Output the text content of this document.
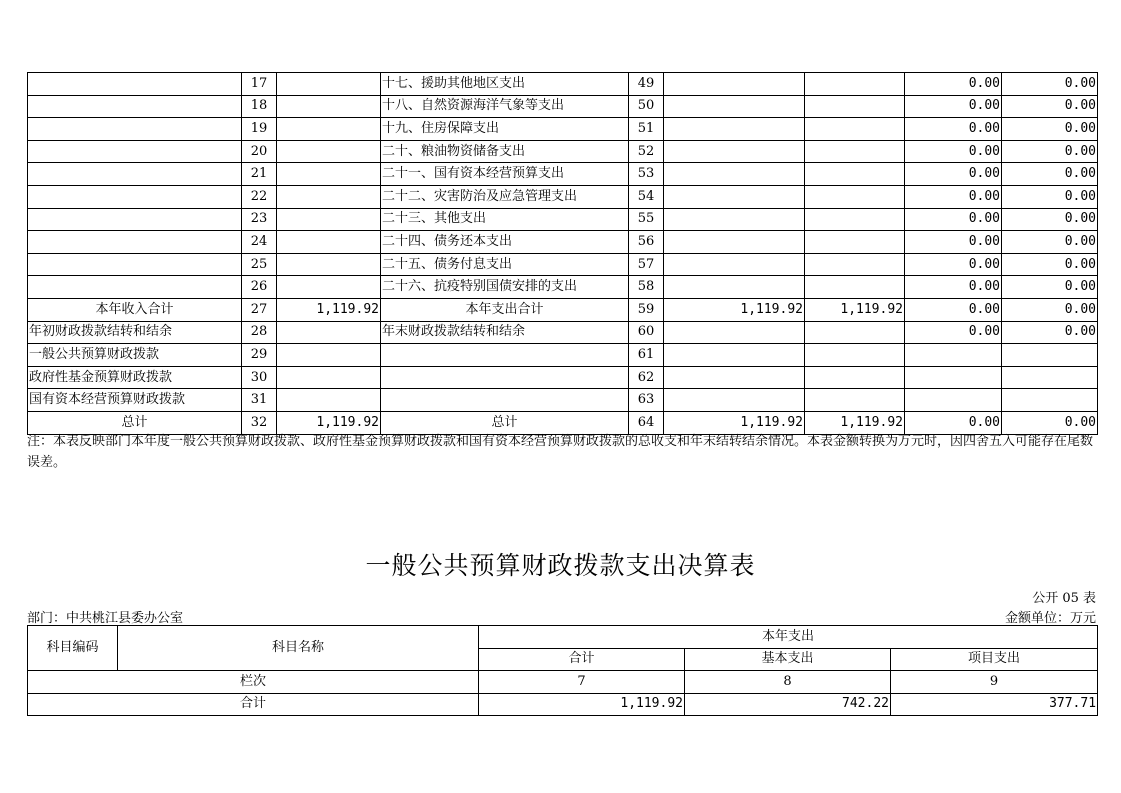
	17		十七、援助其他地区支出	49			0.00	0.00
	18		十八、自然资源海洋气象等支出	50			0.00	0.00
	19		十九、住房保障支出	51			0.00	0.00
	20		二十、粮油物资储备支出	52			0.00	0.00
	21		二十一、国有资本经营预算支出	53			0.00	0.00
	22		二十二、灾害防治及应急管理支出	54			0.00	0.00
	23		二十三、其他支出	55			0.00	0.00
	24		二十四、债务还本支出	56			0.00	0.00
	25		二十五、债务付息支出	57			0.00	0.00
	26		二十六、抗疫特别国债安排的支出	58			0.00	0.00
本年收入合计	27	1,119.92	本年支出合计	59	1,119.92	1,119.92	0.00	0.00
年初财政拨款结转和结余	28		年末财政拨款结转和结余	60			0.00	0.00
一般公共预算财政拨款	29			61				
政府性基金预算财政拨款	30			62				
国有资本经营预算财政拨款	31			63				
总计	32	1,119.92	总计	64	1,119.92	1,119.92	0.00	0.00
注：本表反映部门本年度一般公共预算财政拨款、政府性基金预算财政拨款和国有资本经营预算财政拨款的总收支和年末结转结余情况。本表金额转换为万元时，因四舍五入可能存在尾数误差。
一般公共预算财政拨款支出决算表
公开 05 表
部门：中共桃江县委办公室	金额单位：万元
科目编码	科目名称	本年支出		
		合计	基本支出	项目支出
栏次		7	8	9
合计		1,119.92	742.22	377.71
